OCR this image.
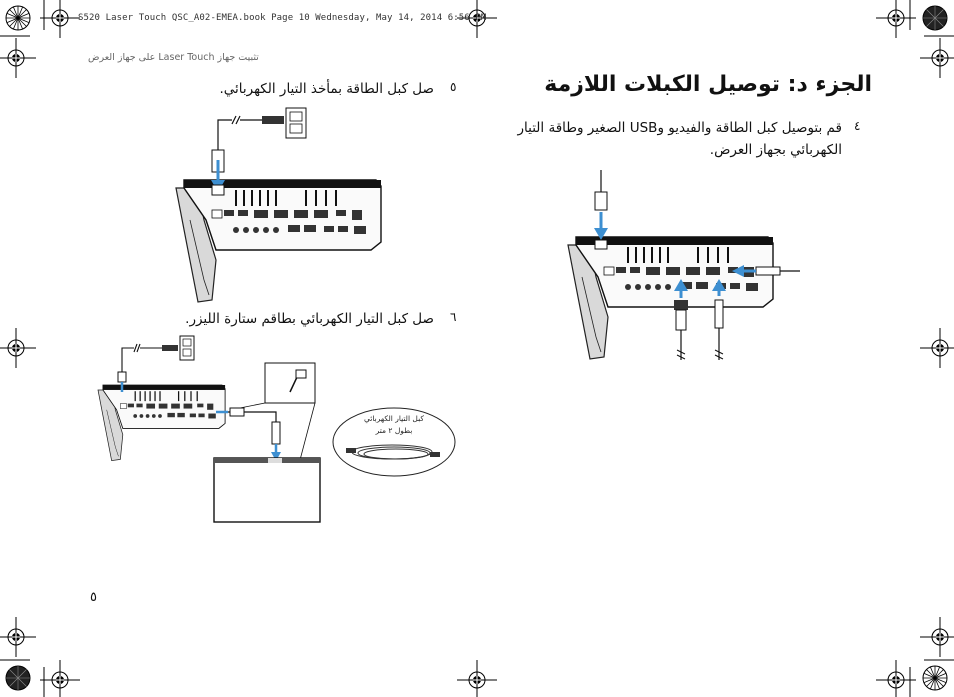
S520 Laser Touch QSC_A02-EMEA.book Page 10 Wednesday, May 14, 2014 6:56 PM
تثبيت جهاز Laser Touch على جهاز العرض
الجزء د: توصيل الكبلات اللازمة
٤
قم بتوصيل كبل الطاقة والفيديو وUSB الصغير وطاقة التيار الكهربائي بجهاز العرض.
٥
صل كبل الطاقة بمأخذ التيار الكهربائي.
٦
صل كبل التيار الكهربائي بطاقم ستارة الليزر.
كبل التيار الكهربائي
بطول ٢ متر
٥
